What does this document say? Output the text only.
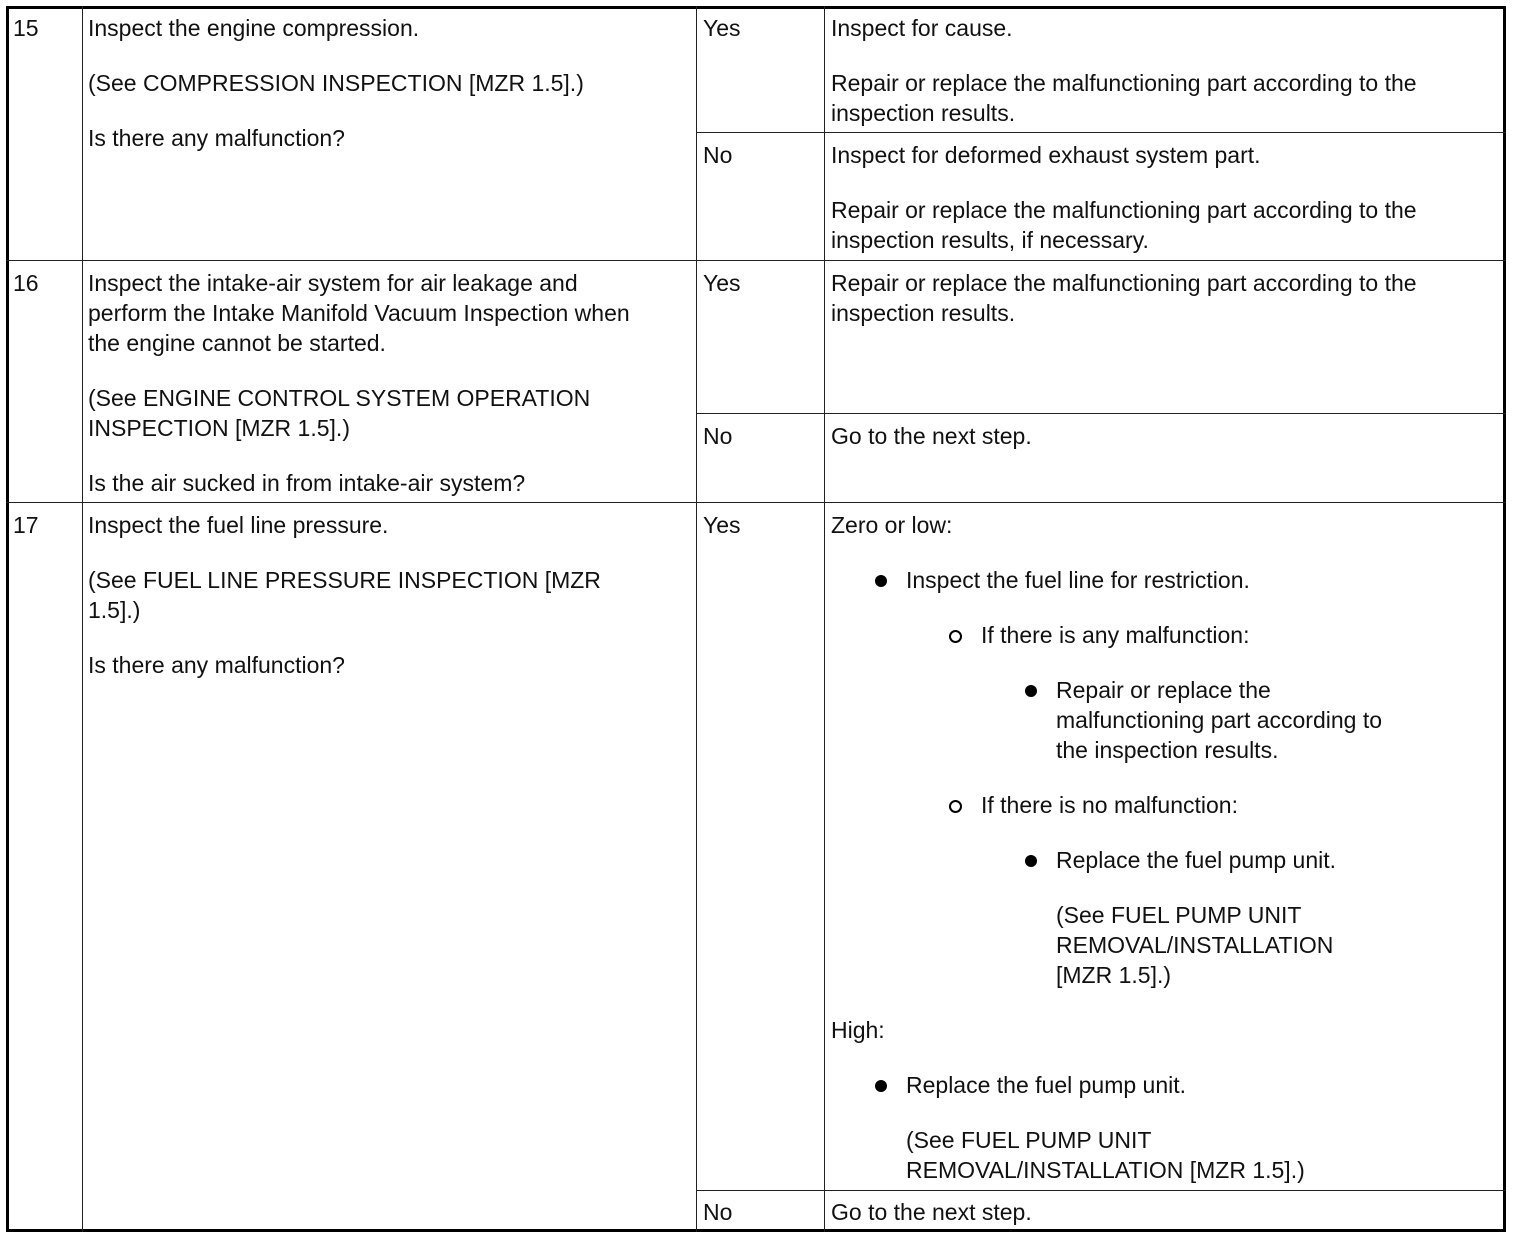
15 Inspect the engine compression.
(See COMPRESSION INSPECTION [MZR 1.5].)
Is there any malfunction?
Yes	Inspect for cause.
Repair or replace the malfunctioning part according to the
inspection results.
No	Inspect for deformed exhaust system part.
Repair or replace the malfunctioning part according to the
inspection results, if necessary.
16 Inspect the intake-air system for air leakage and
perform the Intake Manifold Vacuum Inspection when
the engine cannot be started.
(See ENGINE CONTROL SYSTEM OPERATION
INSPECTION [MZR 1.5].)
Is the air sucked in from intake-air system?
Yes	Repair or replace the malfunctioning part according to the
inspection results.
No	Go to the next step.
17 Inspect the fuel line pressure.
(See FUEL LINE PRESSURE INSPECTION [MZR
1.5].)
Is there any malfunction?
Yes	Zero or low:
Inspect the fuel line for restriction.
If there is any malfunction:
Repair or replace the
malfunctioning part according to
the inspection results.
If there is no malfunction:
Replace the fuel pump unit.
(See FUEL PUMP UNIT
REMOVAL/INSTALLATION
[MZR 1.5].)
High:
Replace the fuel pump unit.
(See FUEL PUMP UNIT
REMOVAL/INSTALLATION [MZR 1.5].)
No	Go to the next step.
